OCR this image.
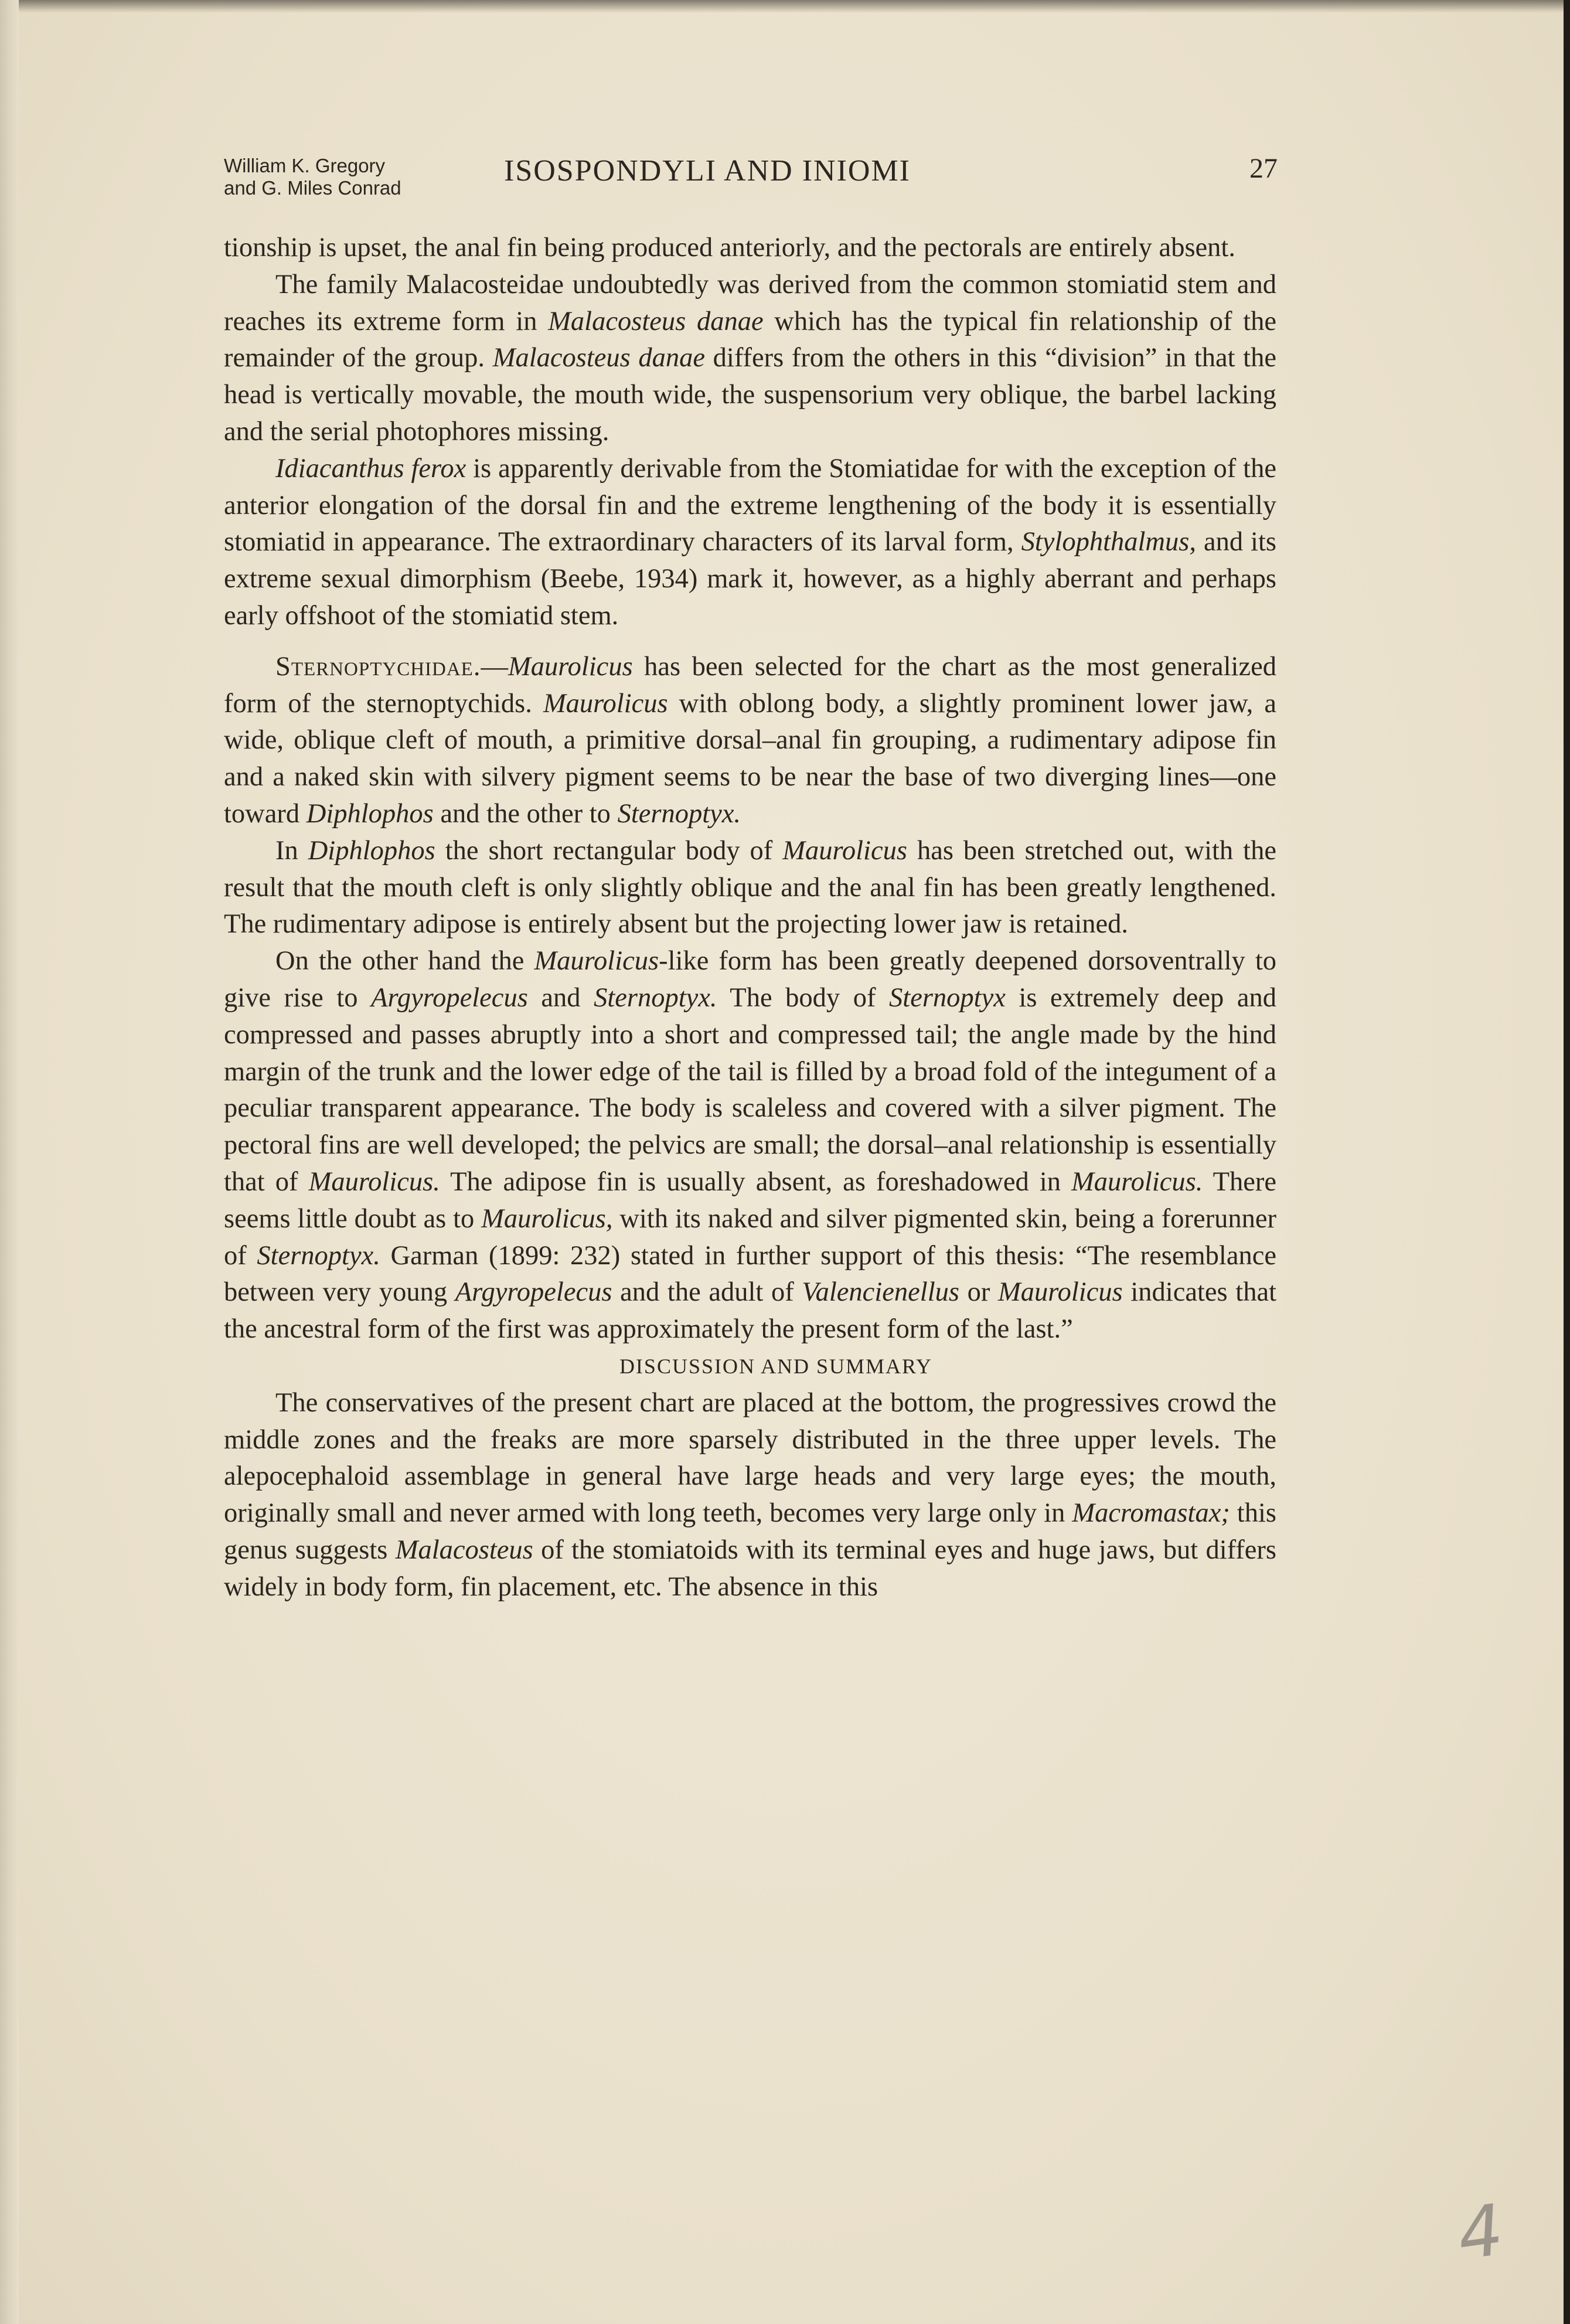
William K. Gregory
and G. Miles Conrad
ISOSPONDYLI AND INIOMI	27

tionship is upset, the anal fin being produced anteriorly, and the pectorals are entirely absent.

The family Malacosteidae undoubtedly was derived from the common stomiatid stem and reaches its extreme form in Malacosteus danae which has the typical fin relationship of the remainder of the group. Malacosteus danae differs from the others in this “division” in that the head is vertically movable, the mouth wide, the suspensorium very oblique, the barbel lacking and the serial photophores missing.

Idiacanthus ferox is apparently derivable from the Stomiatidae for with the exception of the anterior elongation of the dorsal fin and the extreme lengthening of the body it is essentially stomiatid in appearance. The extraordinary characters of its larval form, Stylophthalmus, and its extreme sexual dimorphism (Beebe, 1934) mark it, however, as a highly aberrant and perhaps early offshoot of the stomiatid stem.

Sternoptychidae.—Maurolicus has been selected for the chart as the most generalized form of the sternoptychids. Maurolicus with oblong body, a slightly prominent lower jaw, a wide, oblique cleft of mouth, a primitive dorsal–anal fin grouping, a rudimentary adipose fin and a naked skin with silvery pigment seems to be near the base of two diverging lines—one toward Diphlophos and the other to Sternoptyx.

In Diphlophos the short rectangular body of Maurolicus has been stretched out, with the result that the mouth cleft is only slightly oblique and the anal fin has been greatly lengthened. The rudimentary adipose is entirely absent but the projecting lower jaw is retained.

On the other hand the Maurolicus-like form has been greatly deepened dorsoventrally to give rise to Argyropelecus and Sternoptyx. The body of Sternoptyx is extremely deep and compressed and passes abruptly into a short and compressed tail; the angle made by the hind margin of the trunk and the lower edge of the tail is filled by a broad fold of the integument of a peculiar transparent appearance. The body is scaleless and covered with a silver pigment. The pectoral fins are well developed; the pelvics are small; the dorsal–anal relationship is essentially that of Maurolicus. The adipose fin is usually absent, as foreshadowed in Maurolicus. There seems little doubt as to Maurolicus, with its naked and silver pigmented skin, being a forerunner of Sternoptyx. Garman (1899: 232) stated in further support of this thesis: “The resemblance between very young Argyropelecus and the adult of Valencienellus or Maurolicus indicates that the ancestral form of the first was approximately the present form of the last.”

DISCUSSION AND SUMMARY

The conservatives of the present chart are placed at the bottom, the progressives crowd the middle zones and the freaks are more sparsely distributed in the three upper levels. The alepocephaloid assemblage in general have large heads and very large eyes; the mouth, originally small and never armed with long teeth, becomes very large only in Macromastax; this genus suggests Malacosteus of the stomiatoids with its terminal eyes and huge jaws, but differs widely in body form, fin placement, etc. The absence in this

4
